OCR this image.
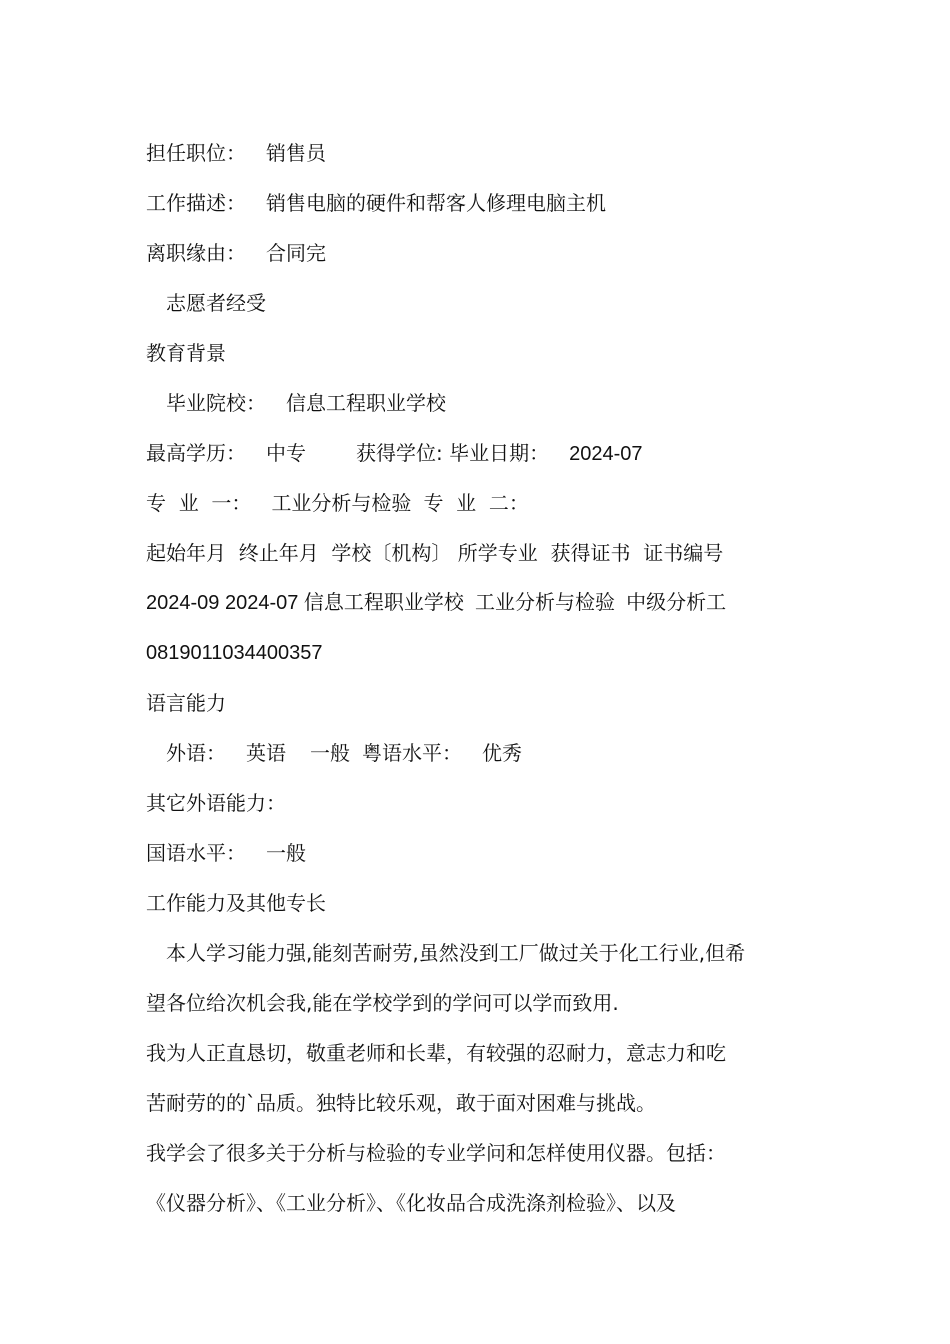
担任职位： 销售员
工作描述： 销售电脑的硬件和帮客人修理电脑主机
离职缘由： 合同完
志愿者经受
教育背景
毕业院校： 信息工程职业学校
最高学历： 中专	获得学位: 毕业日期： 2024-07
专  业  一： 工业分析与检验 专  业  二：
起始年月  终止年月  学校〔机构〕 所学专业  获得证书  证书编号
2024-09 2024-07 信息工程职业学校  工业分析与检验  中级分析工
0819011034400357
语言能力
外语： 英语 一般 粤语水平： 优秀
其它外语能力：
国语水平： 一般
工作能力及其他专长
本人学习能力强,能刻苦耐劳,虽然没到工厂做过关于化工行业,但希
望各位给次机会我,能在学校学到的学问可以学而致用.
我为人正直恳切，敬重老师和长辈，有较强的忍耐力，意志力和吃
苦耐劳的的`品质。独特比较乐观，敢于面对困难与挑战。
我学会了很多关于分析与检验的专业学问和怎样使用仪器。包括：
《仪器分析》、《工业分析》、《化妆品合成洗涤剂检验》、以及
